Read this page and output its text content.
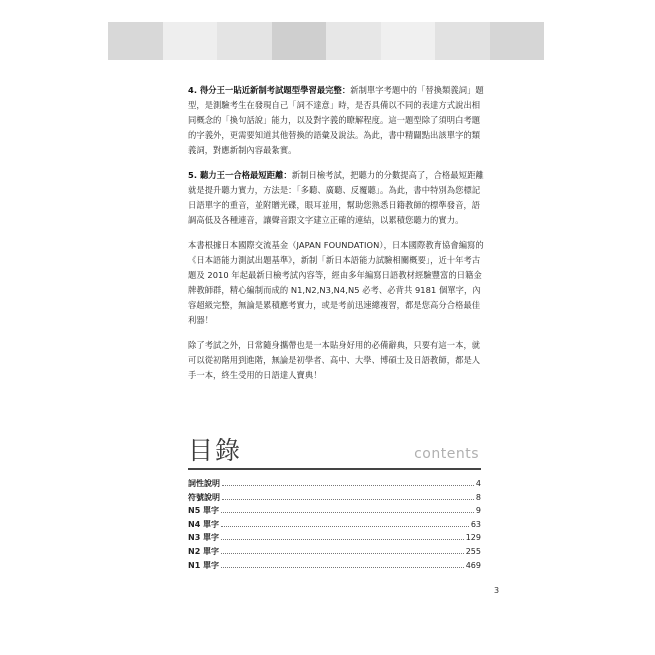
4. 得分王一貼近新制考試題型學習最完整：新制單字考題中的「替換類義詞」題型，是測驗考生在發現自己「詞不達意」時，是否具備以不同的表達方式說出相同概念的「換句話說」能力，以及對字義的瞭解程度。這一題型除了須明白考題的字義外，更需要知道其他替換的語彙及說法。為此，書中精闢點出該單字的類義詞，對應新制內容最紮實。

5. 聽力王一合格最短距離：新制日檢考試，把聽力的分數提高了，合格最短距離就是提升聽力實力，方法是：「多聽、廣聽、反覆聽」。為此，書中特別為您標記日語單字的重音，並附贈光碟，眼耳並用，幫助您熟悉日籍教師的標準發音，語調高低及各種連音，讓聲音跟文字建立正確的連結，以累積您聽力的實力。

本書根據日本國際交流基金（JAPAN FOUNDATION），日本國際教育協會編寫的《日本語能力測試出題基準》，新制「新日本語能力試驗相關概要」，近十年考古題及 2010 年起最新日檢考試內容等，經由多年編寫日語教材經驗豐富的日籍金牌教師群，精心編制而成的 N1,N2,N3,N4,N5 必考、必背共 9181 個單字，內容超級完整，無論是累積應考實力，或是考前迅速總複習，都是您高分合格最佳利器！

除了考試之外，日常隨身攜帶也是一本貼身好用的必備辭典，只要有這一本，就可以從初階用到進階，無論是初學者、高中、大學、博碩士及日語教師，都是人手一本，終生受用的日語達人寶典！

目錄	contents
詞性說明	4
符號說明	8
N5 單字	9
N4 單字	63
N3 單字	129
N2 單字	255
N1 單字	469
3
